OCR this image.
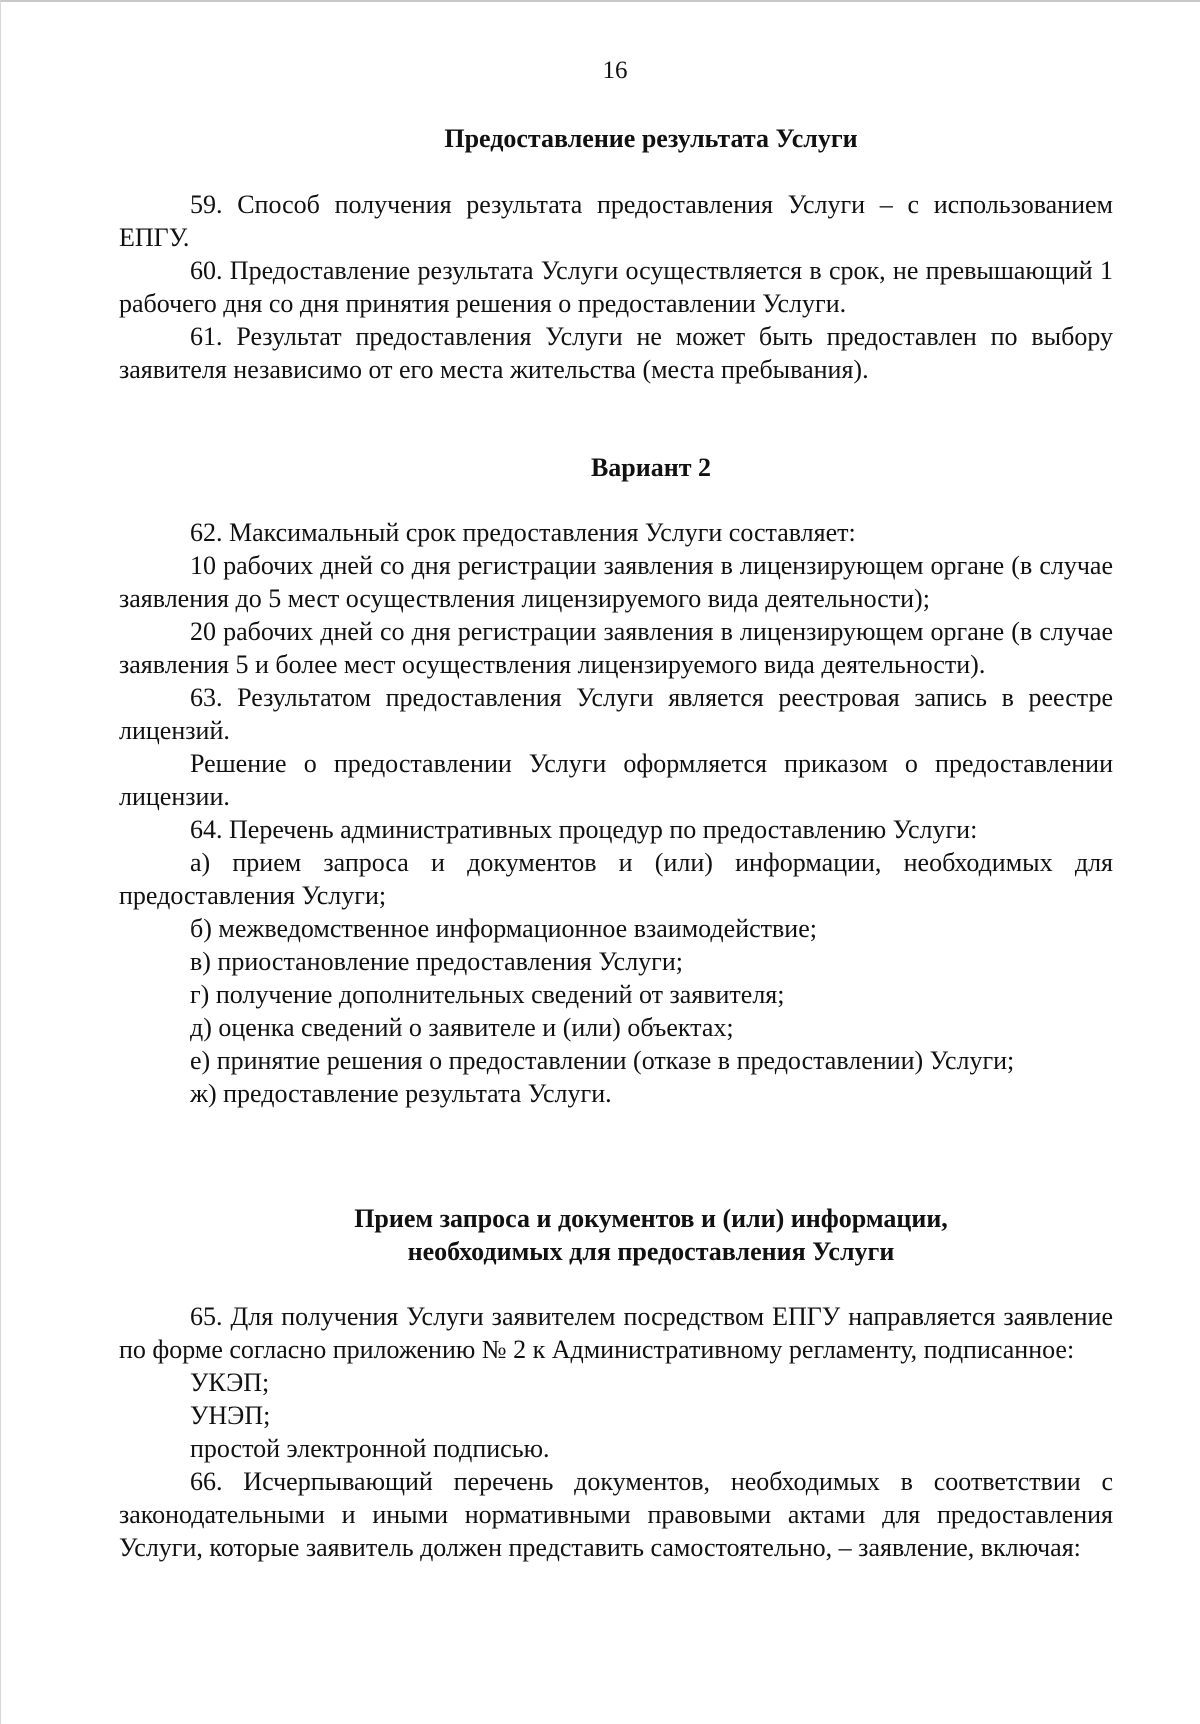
16
Предоставление результата Услуги

59. Способ получения результата предоставления Услуги – с использованием ЕПГУ.

60. Предоставление результата Услуги осуществляется в срок, не превышающий 1 рабочего дня со дня принятия решения о предоставлении Услуги.

61. Результат предоставления Услуги не может быть предоставлен по выбору заявителя независимо от его места жительства (места пребывания).

Вариант 2

62. Максимальный срок предоставления Услуги составляет:

10 рабочих дней со дня регистрации заявления в лицензирующем органе (в случае заявления до 5 мест осуществления лицензируемого вида деятельности);

20 рабочих дней со дня регистрации заявления в лицензирующем органе (в случае заявления 5 и более мест осуществления лицензируемого вида деятельности).

63. Результатом предоставления Услуги является реестровая запись в реестре лицензий.

Решение о предоставлении Услуги оформляется приказом о предоставлении лицензии.

64. Перечень административных процедур по предоставлению Услуги:

а) прием запроса и документов и (или) информации, необходимых для предоставления Услуги;

б) межведомственное информационное взаимодействие;

в) приостановление предоставления Услуги;

г) получение дополнительных сведений от заявителя;

д) оценка сведений о заявителе и (или) объектах;

е) принятие решения о предоставлении (отказе в предоставлении) Услуги;

ж) предоставление результата Услуги.

Прием запроса и документов и (или) информации,
необходимых для предоставления Услуги

65. Для получения Услуги заявителем посредством ЕПГУ направляется заявление по форме согласно приложению № 2 к Административному регламенту, подписанное:

УКЭП;

УНЭП;

простой электронной подписью.

66. Исчерпывающий перечень документов, необходимых в соответствии с законодательными и иными нормативными правовыми актами для предоставления Услуги, которые заявитель должен представить самостоятельно, – заявление, включая:
